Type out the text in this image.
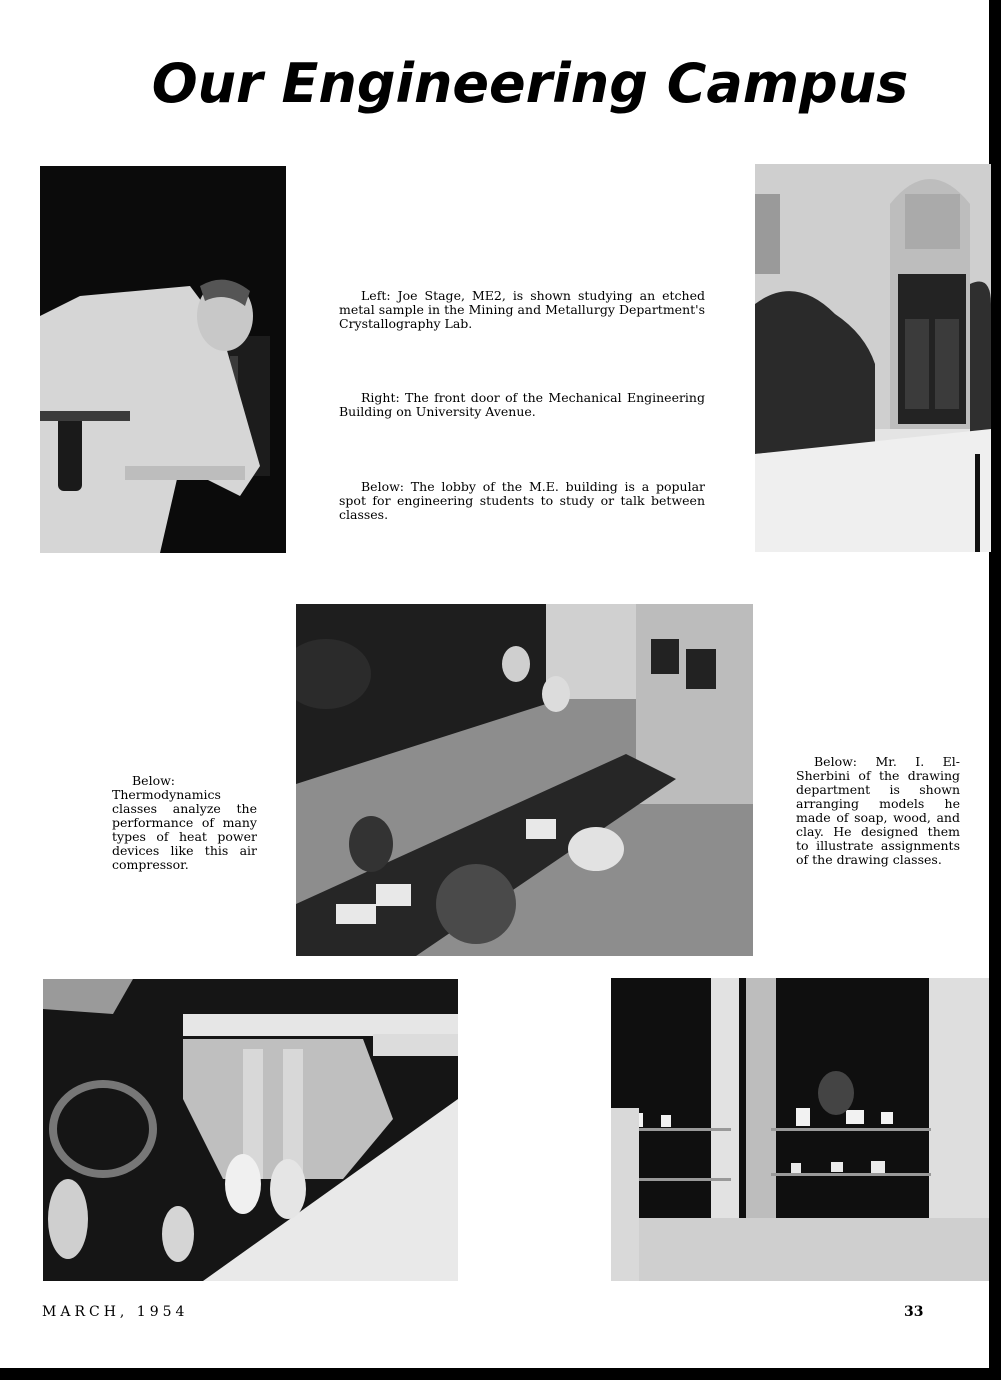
Our Engineering Campus

Left: Joe Stage, ME2, is shown studying an etched metal sample in the Mining and Metallurgy Department's Crystallography Lab.

Right: The front door of the Mechanical Engineering Building on University Avenue.

Below: The lobby of the M.E. building is a popular spot for engineering students to study or talk between classes.

Below: Thermodynamics classes analyze the performance of many types of heat power devices like this air compressor.

Below: Mr. I. El-Sherbini of the drawing department is shown arranging models he made of soap, wood, and clay. He designed them to illustrate assignments of the drawing classes.

MARCH, 1954	33
